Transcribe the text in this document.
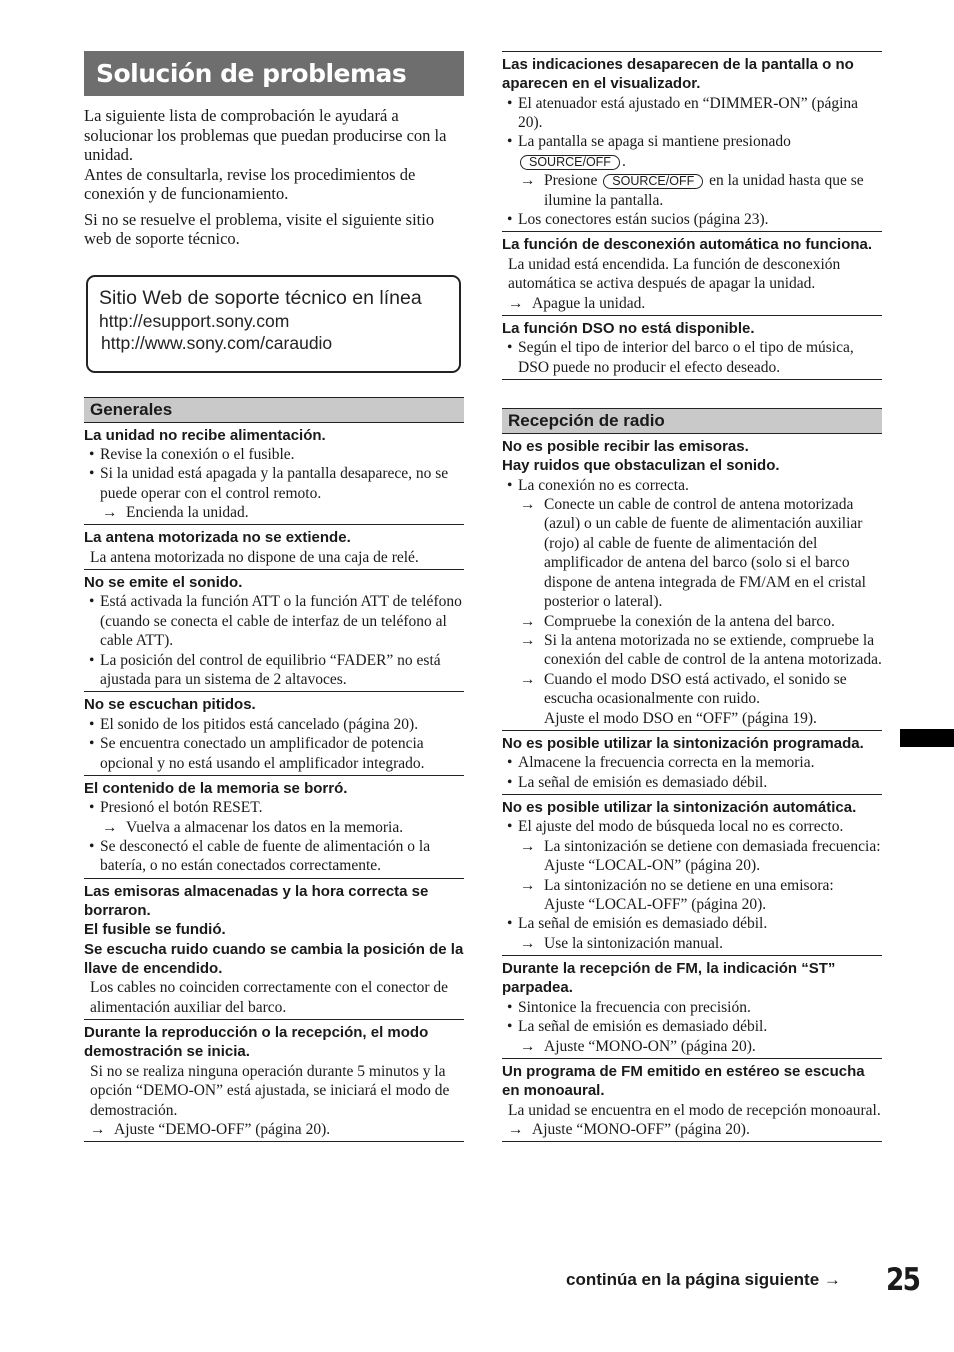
Solución de problemas

La siguiente lista de comprobación le ayudará a solucionar los problemas que puedan producirse con la unidad.

Antes de consultarla, revise los procedimientos de conexión y de funcionamiento.

Si no se resuelve el problema, visite el siguiente sitio web de soporte técnico.

Sitio Web de soporte técnico en línea
http://esupport.sony.com
http://www.sony.com/caraudio
Generales
La unidad no recibe alimentación.
• Revise la conexión o el fusible.
• Si la unidad está apagada y la pantalla desaparece, no se puede operar con el control remoto.
→ Encienda la unidad.
La antena motorizada no se extiende.
La antena motorizada no dispone de una caja de relé.
No se emite el sonido.
• Está activada la función ATT o la función ATT de teléfono (cuando se conecta el cable de interfaz de un teléfono al cable ATT).
• La posición del control de equilibrio “FADER” no está ajustada para un sistema de 2 altavoces.
No se escuchan pitidos.
• El sonido de los pitidos está cancelado (página 20).
• Se encuentra conectado un amplificador de potencia opcional y no está usando el amplificador integrado.
El contenido de la memoria se borró.
• Presionó el botón RESET.
→ Vuelva a almacenar los datos en la memoria.
• Se desconectó el cable de fuente de alimentación o la batería, o no están conectados correctamente.
Las emisoras almacenadas y la hora correcta se borraron.
El fusible se fundió.
Se escucha ruido cuando se cambia la posición de la llave de encendido.
Los cables no coinciden correctamente con el conector de alimentación auxiliar del barco.
Durante la reproducción o la recepción, el modo demostración se inicia.
Si no se realiza ninguna operación durante 5 minutos y la opción “DEMO-ON” está ajustada, se iniciará el modo de demostración.
→ Ajuste “DEMO-OFF” (página 20).
Las indicaciones desaparecen de la pantalla o no aparecen en el visualizador.
• El atenuador está ajustado en “DIMMER-ON” (página 20).
• La pantalla se apaga si mantiene presionado SOURCE/OFF .
→ Presione SOURCE/OFF en la unidad hasta que se ilumine la pantalla.
• Los conectores están sucios (página 23).
La función de desconexión automática no funciona.
La unidad está encendida. La función de desconexión automática se activa después de apagar la unidad.
→ Apague la unidad.
La función DSO no está disponible.
• Según el tipo de interior del barco o el tipo de música, DSO puede no producir el efecto deseado.
Recepción de radio
No es posible recibir las emisoras.
Hay ruidos que obstaculizan el sonido.
• La conexión no es correcta.
→ Conecte un cable de control de antena motorizada (azul) o un cable de fuente de alimentación auxiliar (rojo) al cable de fuente de alimentación del amplificador de antena del barco (solo si el barco dispone de antena integrada de FM/AM en el cristal posterior o lateral).
→ Compruebe la conexión de la antena del barco.
→ Si la antena motorizada no se extiende, compruebe la conexión del cable de control de la antena motorizada.
→ Cuando el modo DSO está activado, el sonido se escucha ocasionalmente con ruido.
Ajuste el modo DSO en “OFF” (página 19).
No es posible utilizar la sintonización programada.
• Almacene la frecuencia correcta en la memoria.
• La señal de emisión es demasiado débil.
No es posible utilizar la sintonización automática.
• El ajuste del modo de búsqueda local no es correcto.
→ La sintonización se detiene con demasiada frecuencia:
Ajuste “LOCAL-ON” (página 20).
→ La sintonización no se detiene en una emisora:
Ajuste “LOCAL-OFF” (página 20).
• La señal de emisión es demasiado débil.
→ Use la sintonización manual.
Durante la recepción de FM, la indicación “ST” parpadea.
• Sintonice la frecuencia con precisión.
• La señal de emisión es demasiado débil.
→ Ajuste “MONO-ON” (página 20).
Un programa de FM emitido en estéreo se escucha en monoaural.
La unidad se encuentra en el modo de recepción monoaural.
→ Ajuste “MONO-OFF” (página 20).
continúa en la página siguiente → 25
